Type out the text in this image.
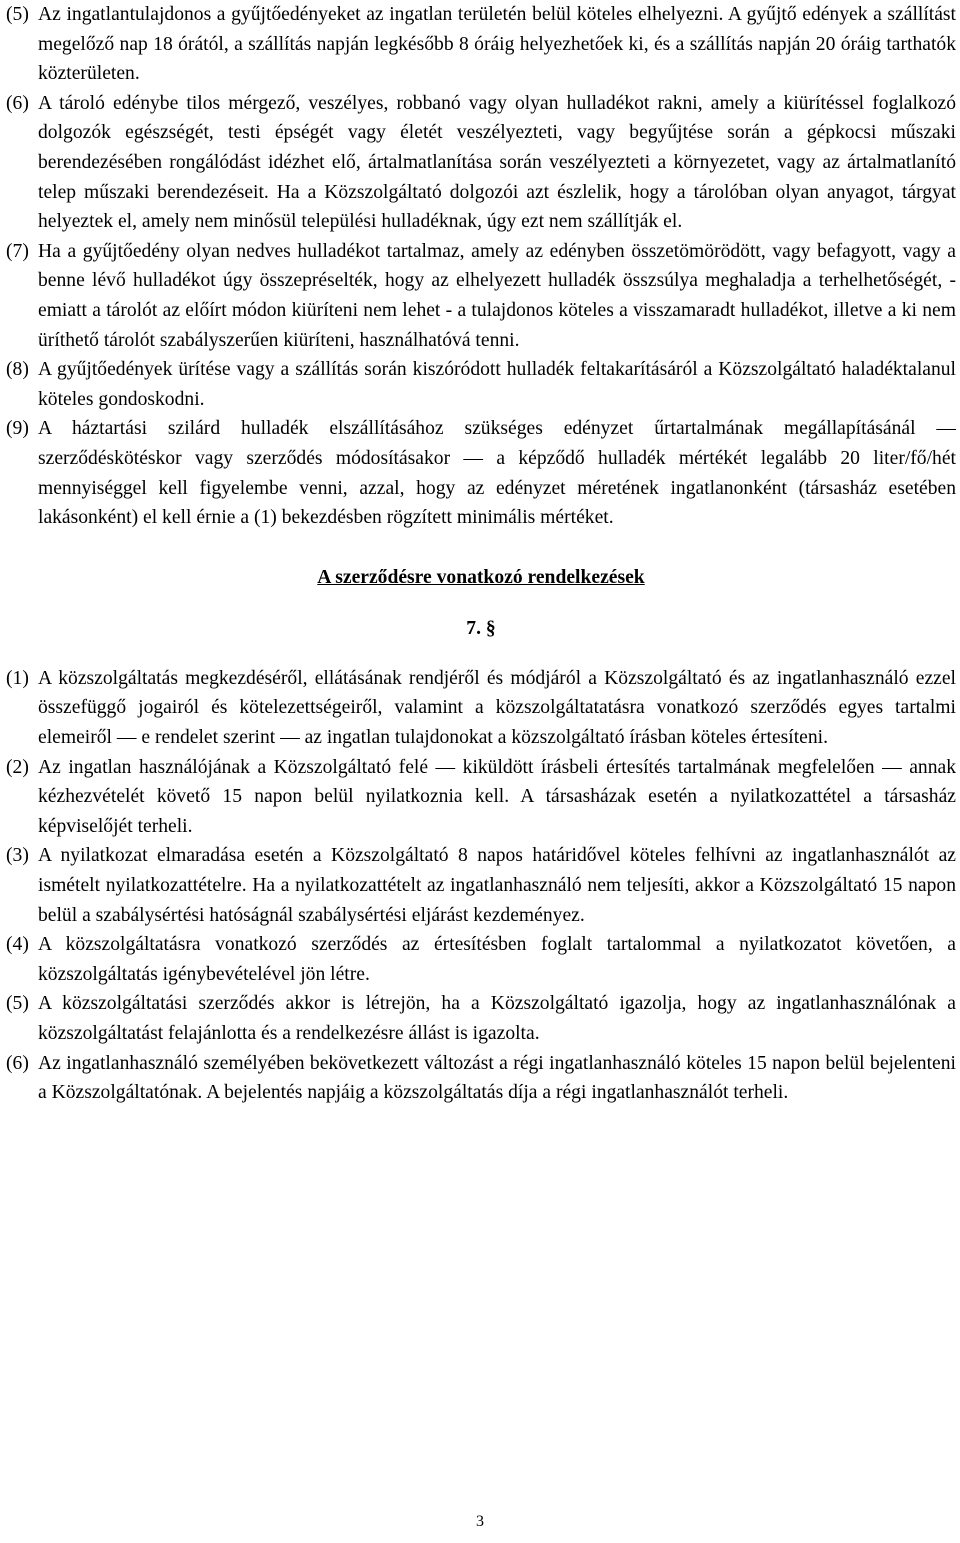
(5) Az ingatlantulajdonos a gyűjtőedényeket az ingatlan területén belül köteles elhelyezni. A gyűjtő edények a szállítást megelőző nap 18 órától, a szállítás napján legkésőbb 8 óráig helyezhetőek ki, és a szállítás napján 20 óráig tarthatók közterületen.
(6) A tároló edénybe tilos mérgező, veszélyes, robbanó vagy olyan hulladékot rakni, amely a kiürítéssel foglalkozó dolgozók egészségét, testi épségét vagy életét veszélyezteti, vagy begyűjtése során a gépkocsi műszaki berendezésében rongálódást idézhet elő, ártalmatlanítása során veszélyezteti a környezetet, vagy az ártalmatlanító telep műszaki berendezéseit. Ha a Közszolgáltató dolgozói azt észlelik, hogy a tárolóban olyan anyagot, tárgyat helyeztek el, amely nem minősül települési hulladéknak, úgy ezt nem szállítják el.
(7) Ha a gyűjtőedény olyan nedves hulladékot tartalmaz, amely az edényben összetömörödött, vagy befagyott, vagy a benne lévő hulladékot úgy összepréselték, hogy az elhelyezett hulladék összsúlya meghaladja a terhelhetőségét, - emiatt a tárolót az előírt módon kiüríteni nem lehet - a tulajdonos köteles a visszamaradt hulladékot, illetve a ki nem üríthető tárolót szabályszerűen kiüríteni, használhatóvá tenni.
(8) A gyűjtőedények ürítése vagy a szállítás során kiszóródott hulladék feltakarításáról a Közszolgáltató haladéktalanul köteles gondoskodni.
(9) A háztartási szilárd hulladék elszállításához szükséges edényzet űrtartalmának megállapításánál — szerződéskötéskor vagy szerződés módosításakor — a képződő hulladék mértékét legalább 20 liter/fő/hét mennyiséggel kell figyelembe venni, azzal, hogy az edényzet méretének ingatlanonként (társasház esetében lakásonként) el kell érnie a (1) bekezdésben rögzített minimális mértéket.
A szerződésre vonatkozó rendelkezések
7. §
(1) A közszolgáltatás megkezdéséről, ellátásának rendjéről és módjáról a Közszolgáltató és az ingatlanhasználó ezzel összefüggő jogairól és kötelezettségeiről, valamint a közszolgáltatatásra vonatkozó szerződés egyes tartalmi elemeiről — e rendelet szerint — az ingatlan tulajdonokat a közszolgáltató írásban köteles értesíteni.
(2) Az ingatlan használójának a Közszolgáltató felé — kiküldött írásbeli értesítés tartalmának megfelelően — annak kézhezvételét követő 15 napon belül nyilatkoznia kell. A társasházak esetén a nyilatkozattétel a társasház képviselőjét terheli.
(3) A nyilatkozat elmaradása esetén a Közszolgáltató 8 napos határidővel köteles felhívni az ingatlanhasználót az ismételt nyilatkozattételre. Ha a nyilatkozattételt az ingatlanhasználó nem teljesíti, akkor a Közszolgáltató 15 napon belül a szabálysértési hatóságnál szabálysértési eljárást kezdeményez.
(4) A közszolgáltatásra vonatkozó szerződés az értesítésben foglalt tartalommal a nyilatkozatot követően, a közszolgáltatás igénybevételével jön létre.
(5) A közszolgáltatási szerződés akkor is létrejön, ha a Közszolgáltató igazolja, hogy az ingatlanhasználónak a közszolgáltatást felajánlotta és a rendelkezésre állást is igazolta.
(6) Az ingatlanhasználó személyében bekövetkezett változást a régi ingatlanhasználó köteles 15 napon belül bejelenteni a Közszolgáltatónak. A bejelentés napjáig a közszolgáltatás díja a régi ingatlanhasználót terheli.
3
